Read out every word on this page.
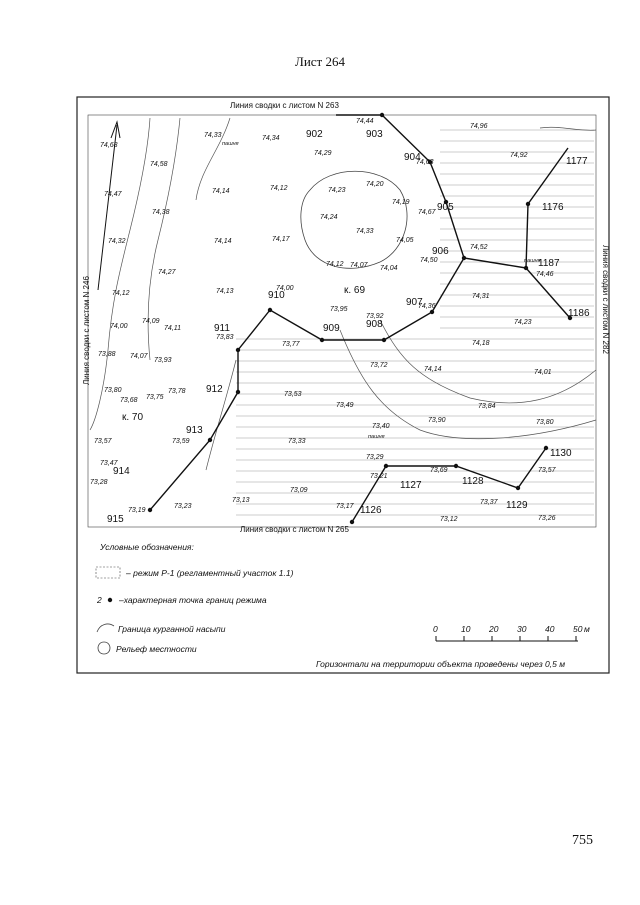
Лист 264
Линия сводки с листом N 263
Линия сводки с листом N 265
Линия сводки с листом N 246	Линия сводки с листом N 282
к. 69
к. 70
пашня
пашня
пашня
902	903
904
905
906
907
908
909
910
911
912
913
914
915
1126
1127	1128
1129
1130
1176
1177
1186
1187
74,68
74,33	74,34
74,44
74,96
74,58
74,29
74,63
74,92
74,47	74,14	74,12	74,23
74,20
74,38
74,19
74,67
74,24
74,32	74,14	74,17
74,33
74,05
74,52
74,50
74,12 74,07 74,04
74,46
74,27
74,12	74,13	74,00
74,31
74,00
74,09
74,11
73,95
73,92
74,36
73,83
73,77
74,23
73,88 74,07
73,93
74,18
73,72
74,14	74,01
73,80	73,78
73,68 73,75	73,53
73,49	73,84
73,57	73,59	73,33
73,40
73,90	73,80
73,47
73,29
73,69	73,57
73,28
73,21
73,23
73,13
73,09
73,19
73,17
73,37
73,12	73,26
Условные обозначения:
– режим Р-1 (регламентный участок 1.1)
2 –характерная точка границ режима
Граница курганной насыпи
Рельеф местности
0	10 20 30 40 50 м
Горизонтали на территории объекта проведены через 0,5 м
755
